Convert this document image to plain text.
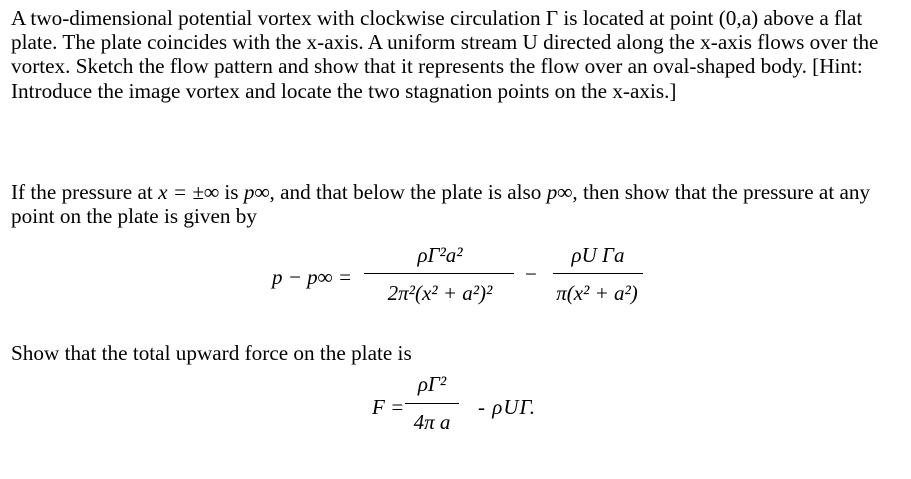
A two-dimensional potential vortex with clockwise circulation Γ is located at point (0,a) above a flat plate. The plate coincides with the x-axis. A uniform stream U directed along the x-axis flows over the vortex. Sketch the flow pattern and show that it represents the flow over an oval-shaped body. [Hint: Introduce the image vortex and locate the two stagnation points on the x-axis.]

If the pressure at x = ±∞ is p∞, and that below the plate is also p∞, then show that the pressure at any point on the plate is given by

p − p∞ =
ρΓ²a²
2π²(x² + a²)²
−
ρU Γa
π(x² + a²)

Show that the total upward force on the plate is

F =
ρΓ²
4π a
- ρUΓ.
